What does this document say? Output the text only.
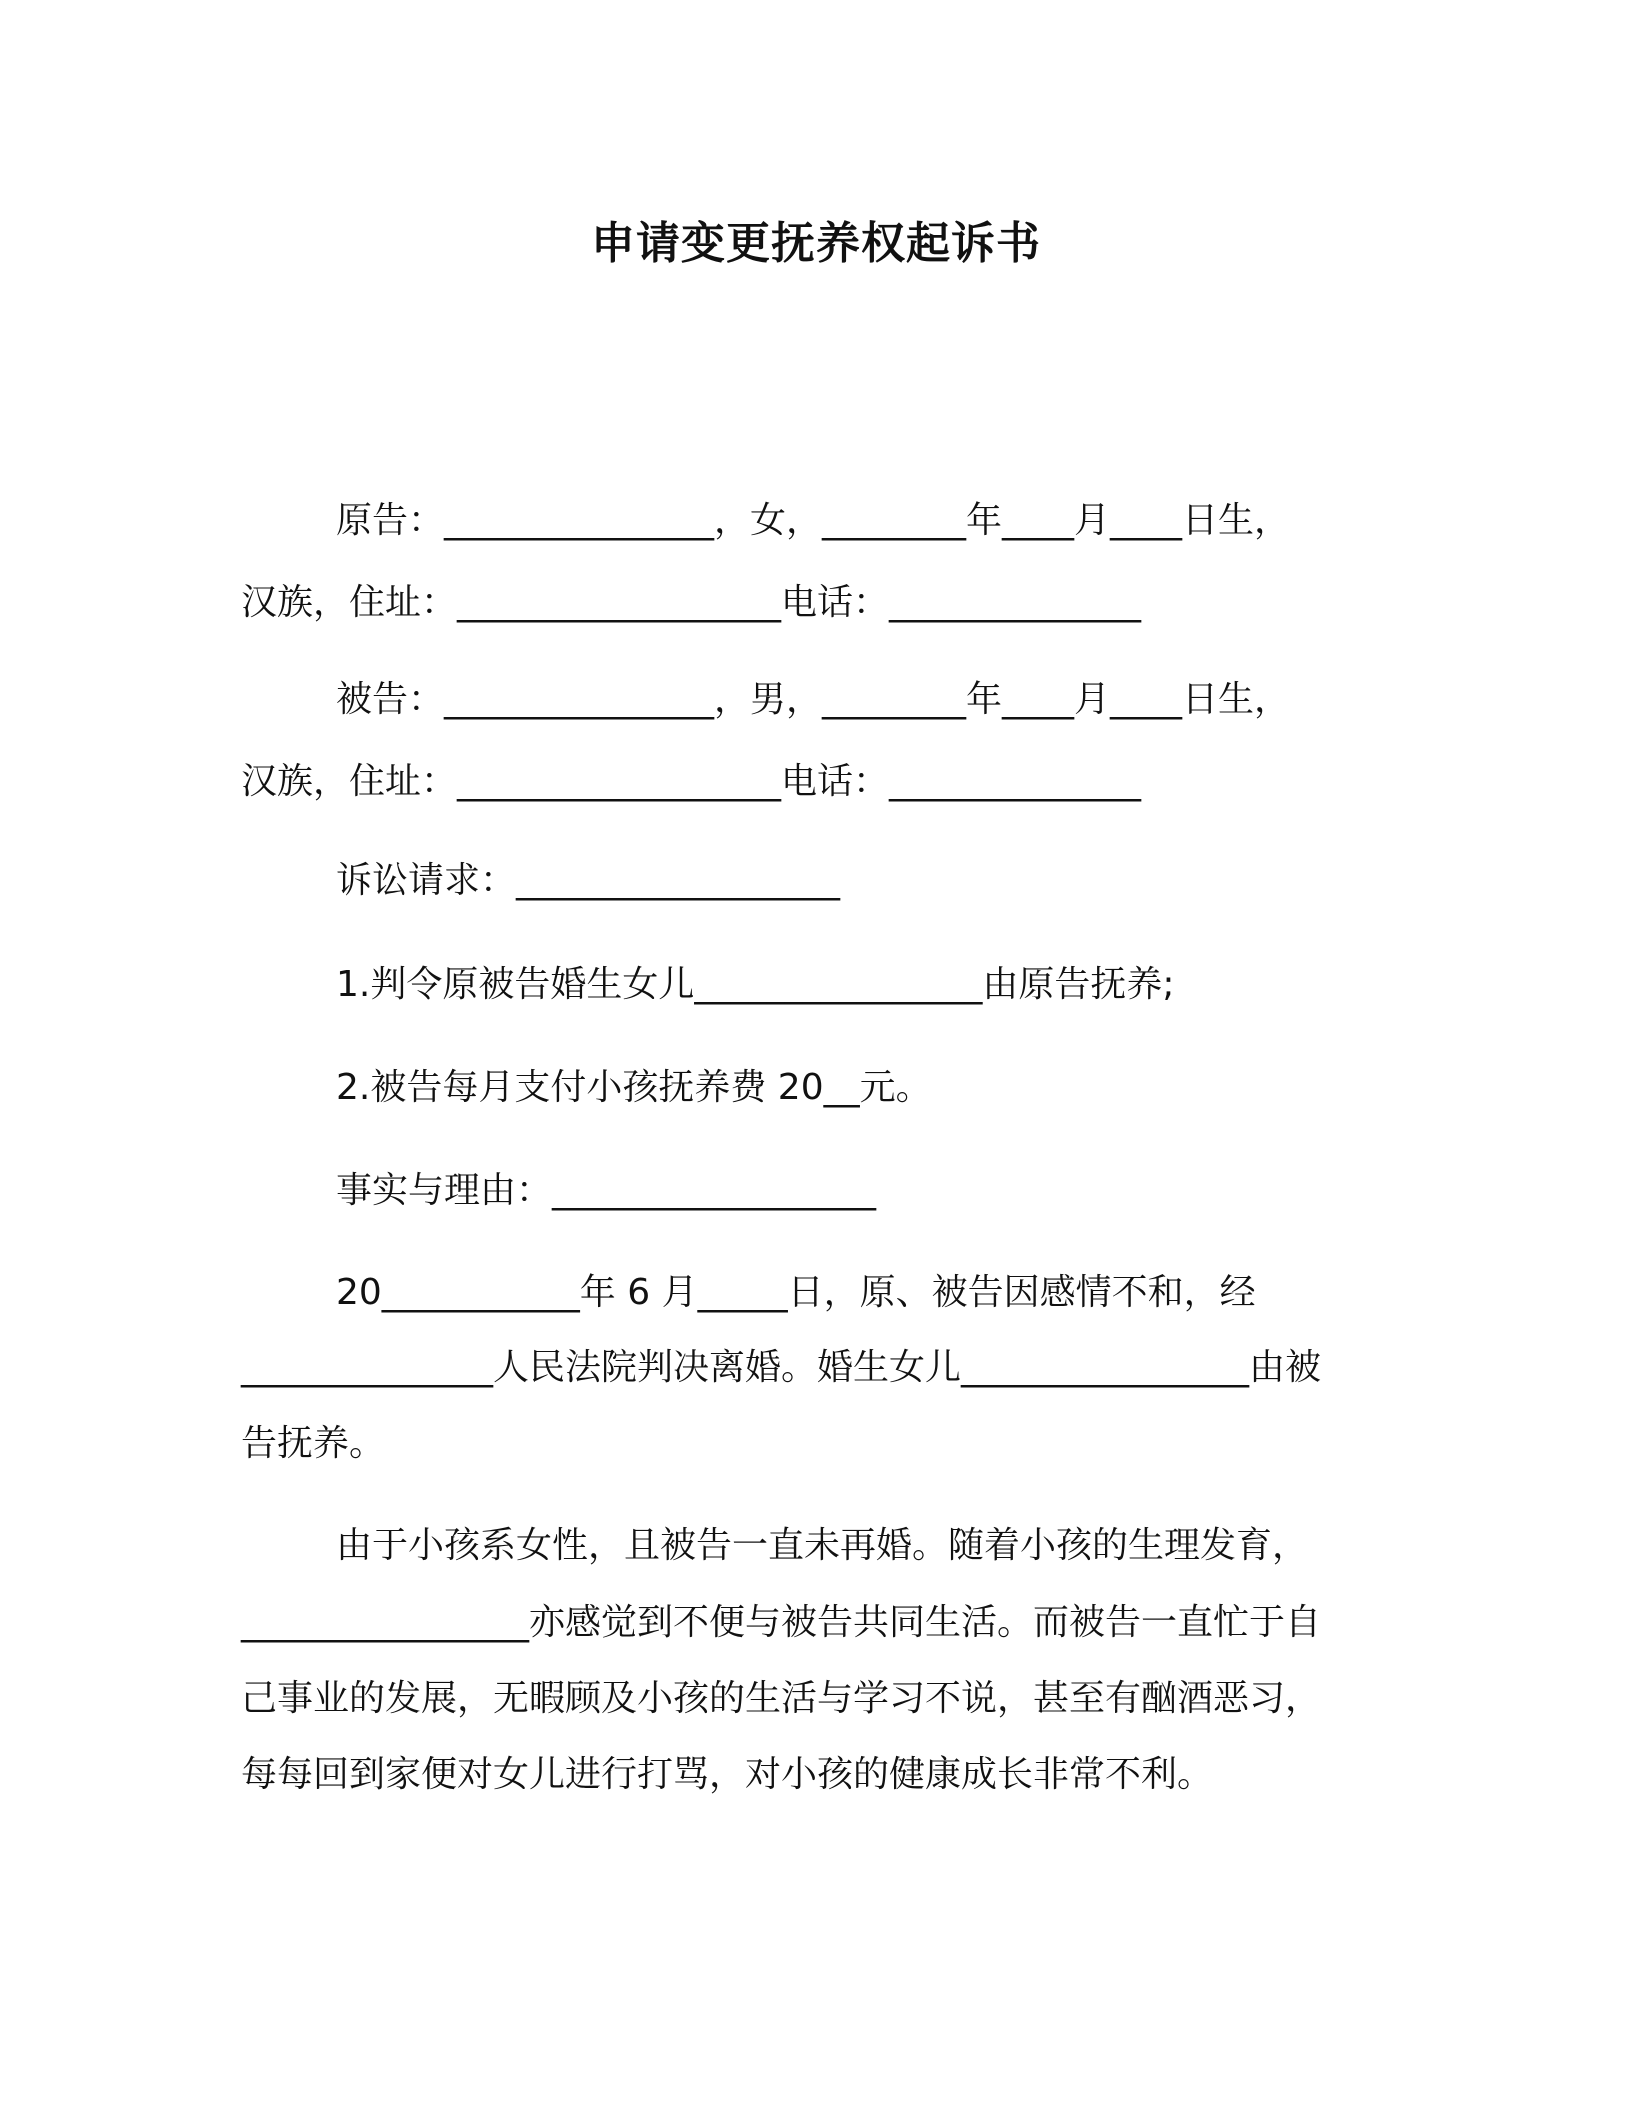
申请变更抚养权起诉书
原告：_______________，女，________年____月____日生，
汉族，住址：__________________电话：______________
被告：_______________，男，________年____月____日生，
汉族，住址：__________________电话：______________
诉讼请求：__________________
1.判令原被告婚生女儿________________由原告抚养;
2.被告每月支付小孩抚养费 20__元。
事实与理由：__________________
20___________年 6 月_____日，原、被告因感情不和，经
______________人民法院判决离婚。婚生女儿________________由被
告抚养。
由于小孩系女性，且被告一直未再婚。随着小孩的生理发育，
________________亦感觉到不便与被告共同生活。而被告一直忙于自
己事业的发展，无暇顾及小孩的生活与学习不说，甚至有酗酒恶习，
每每回到家便对女儿进行打骂，对小孩的健康成长非常不利。
